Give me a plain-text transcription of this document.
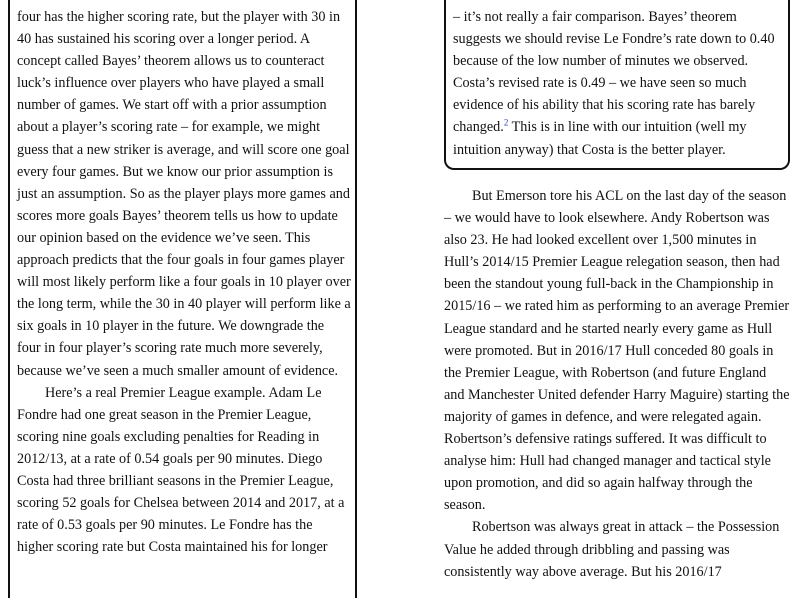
four has the higher scoring rate, but the player with 30 in 40 has sustained his scoring over a longer period. A concept called Bayes’ theorem allows us to counteract luck’s influence over players who have played a small number of games. We start off with a prior assumption about a player’s scoring rate – for example, we might guess that a new striker is average, and will score one goal every four games. But we know our prior assumption is just an assumption. So as the player plays more games and scores more goals Bayes’ theorem tells us how to update our opinion based on the evidence we’ve seen. This approach predicts that the four goals in four games player will most likely perform like a four goals in 10 player over the long term, while the 30 in 40 player will perform like a six goals in 10 player in the future. We downgrade the four in four player’s scoring rate much more severely, because we’ve seen a much smaller amount of evidence.

Here’s a real Premier League example. Adam Le Fondre had one great season in the Premier League, scoring nine goals excluding penalties for Reading in 2012/13, at a rate of 0.54 goals per 90 minutes. Diego Costa had three brilliant seasons in the Premier League, scoring 52 goals for Chelsea between 2014 and 2017, at a rate of 0.53 goals per 90 minutes. Le Fondre has the higher scoring rate but Costa maintained his for longer

– it’s not really a fair comparison. Bayes’ theorem suggests we should revise Le Fondre’s rate down to 0.40 because of the low number of minutes we observed. Costa’s revised rate is 0.49 – we have seen so much evidence of his ability that his scoring rate has barely changed.$^2$ This is in line with our intuition (well my intuition anyway) that Costa is the better player.

But Emerson tore his ACL on the last day of the season – we would have to look elsewhere. Andy Robertson was also 23. He had looked excellent over 1,500 minutes in Hull’s 2014/15 Premier League relegation season, then had been the standout young full-back in the Championship in 2015/16 – we rated him as performing to an average Premier League standard and he started nearly every game as Hull were promoted. But in 2016/17 Hull conceded 80 goals in the Premier League, with Robertson (and future England and Manchester United defender Harry Maguire) starting the majority of games in defence, and were relegated again. Robertson’s defensive ratings suffered. It was difficult to analyse him: Hull had changed manager and tactical style upon promotion, and did so again halfway through the season.

Robertson was always great in attack – the Possession Value he added through dribbling and passing was consistently way above average. But his 2016/17
